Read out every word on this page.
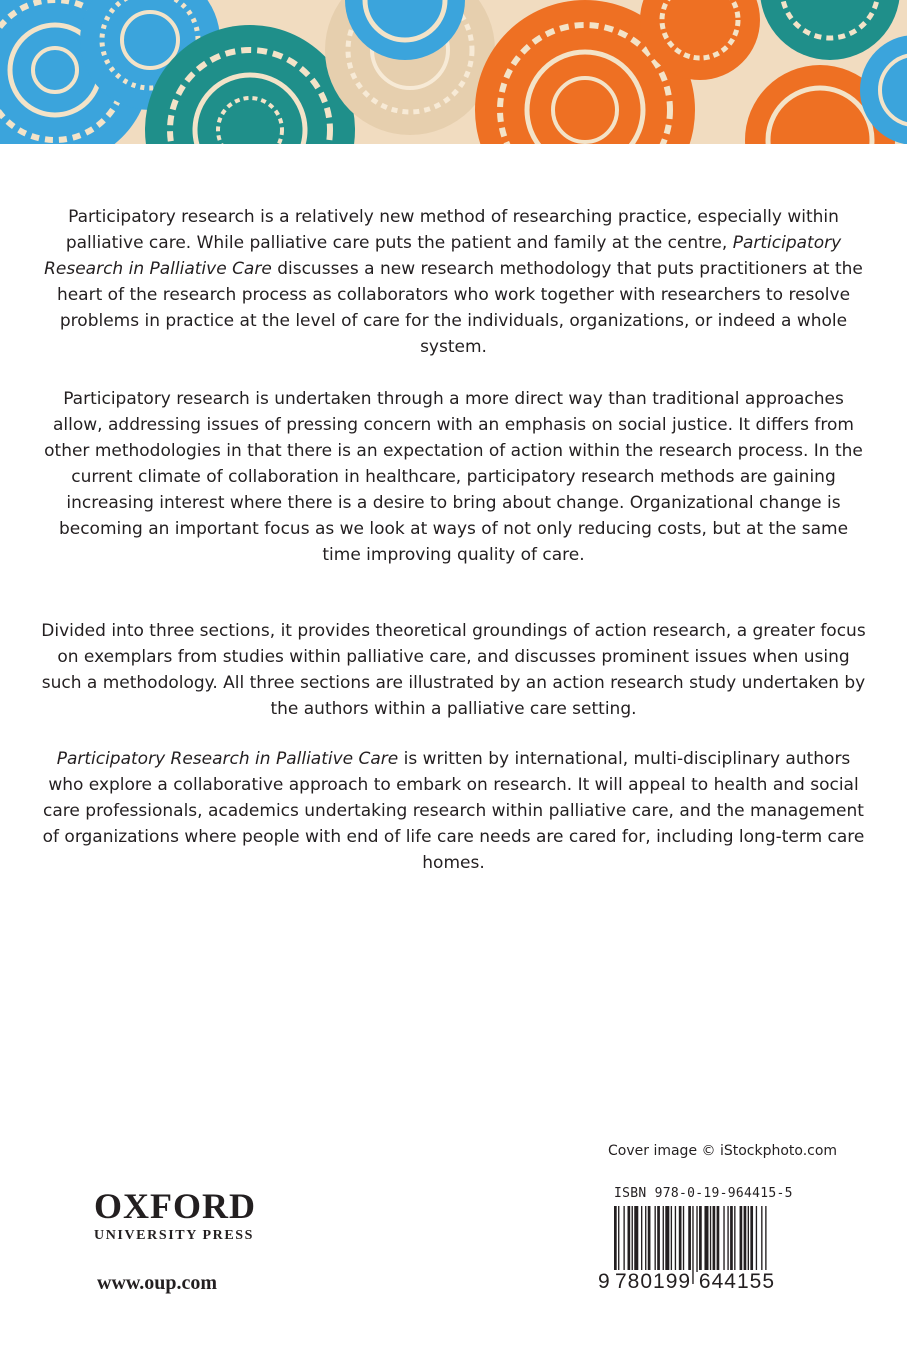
Participatory research is a relatively new method of researching practice, especially within palliative care. While palliative care puts the patient and family at the centre, Participatory Research in Palliative Care discusses a new research methodology that puts practitioners at the heart of the research process as collaborators who work together with researchers to resolve problems in practice at the level of care for the individuals, organizations, or indeed a whole system.

Participatory research is undertaken through a more direct way than traditional approaches allow, addressing issues of pressing concern with an emphasis on social justice. It differs from other methodologies in that there is an expectation of action within the research process. In the current climate of collaboration in healthcare, participatory research methods are gaining increasing interest where there is a desire to bring about change. Organizational change is becoming an important focus as we look at ways of not only reducing costs, but at the same time improving quality of care.

Divided into three sections, it provides theoretical groundings of action research, a greater focus on exemplars from studies within palliative care, and discusses prominent issues when using such a methodology. All three sections are illustrated by an action research study undertaken by the authors within a palliative care setting.

Participatory Research in Palliative Care is written by international, multi-disciplinary authors who explore a collaborative approach to embark on research. It will appeal to health and social care professionals, academics undertaking research within palliative care, and the management of organizations where people with end of life care needs are cared for, including long-term care homes.

Cover image © iStockphoto.com
OXFORD
UNIVERSITY PRESS
www.oup.com
ISBN 978-0-19-964415-5
9 780199 644155
